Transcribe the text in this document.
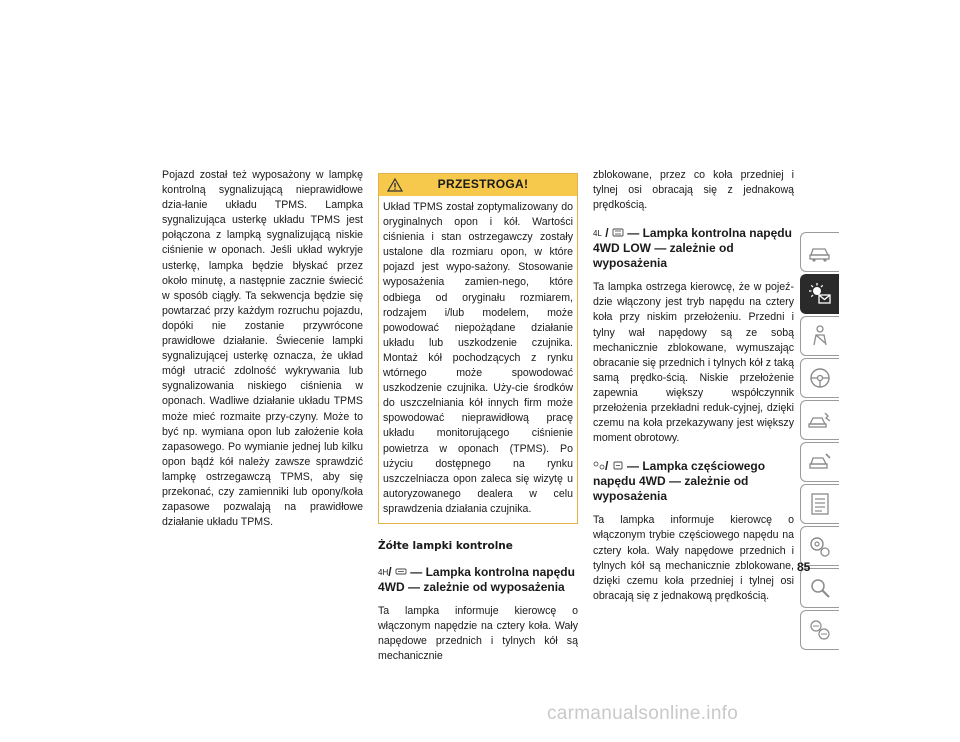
Pojazd został też wyposażony w lampkę kontrolną sygnalizującą nieprawidłowe dzia-łanie układu TPMS. Lampka sygnalizująca usterkę układu TPMS jest połączona z lampką sygnalizującą niskie ciśnienie w oponach. Jeśli układ wykryje usterkę, lampka będzie błyskać przez około minutę, a następnie zacznie świecić w sposób ciągły. Ta sekwencja będzie się powtarzać przy każdym rozruchu pojazdu, dopóki nie zostanie przywrócone prawidłowe działanie. Świecenie lampki sygnalizującej usterkę oznacza, że układ mógł utracić zdolność wykrywania lub sygnalizowania niskiego ciśnienia w oponach. Wadliwe działanie układu TPMS może mieć rozmaite przy-czyny. Może to być np. wymiana opon lub założenie koła zapasowego. Po wymianie jednej lub kilku opon bądź kół należy zawsze sprawdzić lampkę ostrzegawczą TPMS, aby się przekonać, czy zamienniki lub opony/koła zapasowe pozwalają na prawidłowe działanie układu TPMS.

PRZESTROGA!
Układ TPMS został zoptymalizowany do oryginalnych opon i kół. Wartości ciśnienia i stan ostrzegawczy zostały ustalone dla rozmiaru opon, w które pojazd jest wypo-sażony. Stosowanie wyposażenia zamien-nego, które odbiega od oryginału rozmiarem, rodzajem i/lub modelem, może powodować niepożądane działanie układu lub uszkodzenie czujnika. Montaż kół pochodzących z rynku wtórnego może spowodować uszkodzenie czujnika. Uży-cie środków do uszczelniania kół innych firm może spowodować nieprawidłową pracę układu monitorującego ciśnienie powietrza w oponach (TPMS). Po użyciu dostępnego na rynku uszczelniacza opon zaleca się wizytę u autoryzowanego dealera w celu sprawdzenia działania czujnika.
Żółte lampki kontrolne
4H/  — Lampka kontrolna napędu 4WD — zależnie od wyposażenia

Ta lampka informuje kierowcę o włączonym napędzie na cztery koła. Wały napędowe przednich i tylnych kół są mechanicznie

zblokowane, przez co koła przedniej i tylnej osi obracają się z jednakową prędkością.

4L /  — Lampka kontrolna napędu 4WD LOW — zależnie od wyposażenia

Ta lampka ostrzega kierowcę, że w pojeź-dzie włączony jest tryb napędu na cztery koła przy niskim przełożeniu. Przedni i tylny wał napędowy są ze sobą mechanicznie zblokowane, wymuszając obracanie się przednich i tylnych kół z taką samą prędko-ścią. Niskie przełożenie zapewnia większy współczynnik przełożenia przekładni reduk-cyjnej, dzięki czemu na koła przekazywany jest większy moment obrotowy.

/  — Lampka częściowego napędu 4WD — zależnie od wyposażenia

Ta lampka informuje kierowcę o włączonym trybie częściowego napędu na cztery koła. Wały napędowe przednich i tylnych kół są mechanicznie zblokowane, dzięki czemu koła przedniej i tylnej osi obracają się z jednakową prędkością.

85
carmanualsonline.info
